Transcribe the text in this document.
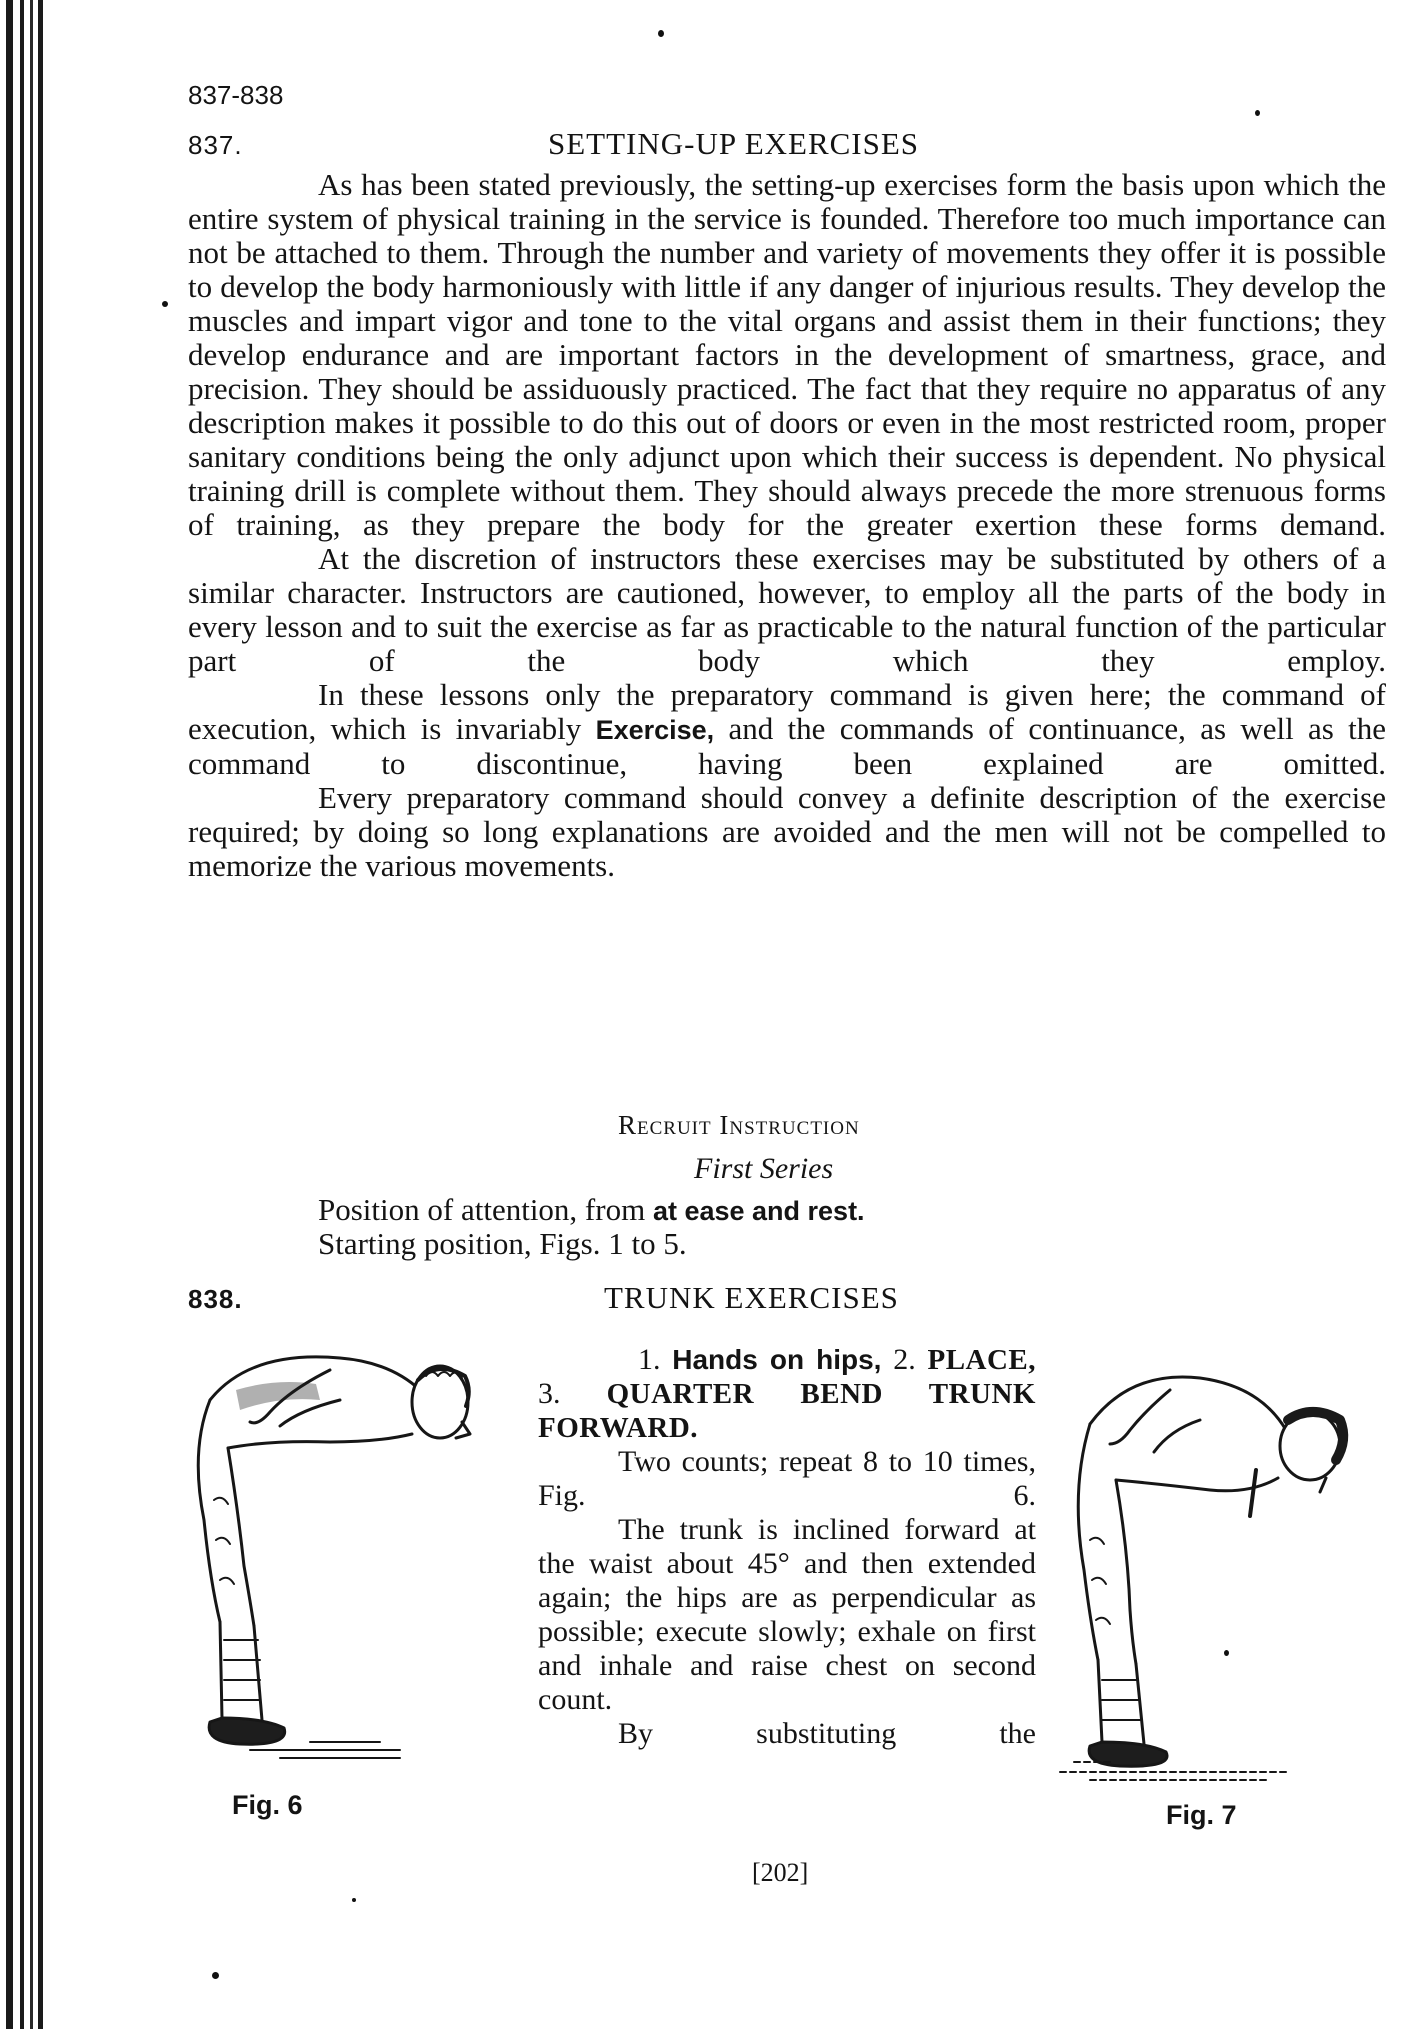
837-838
837.	SETTING-UP EXERCISES

As has been stated previously, the setting-up exercises form the basis upon which the entire system of physical training in the service is founded. Therefore too much importance can not be attached to them. Through the number and variety of movements they offer it is possible to develop the body harmoniously with little if any danger of injurious results. They develop the muscles and impart vigor and tone to the vital organs and assist them in their functions; they develop endurance and are important factors in the development of smartness, grace, and precision. They should be assiduously practiced. The fact that they require no apparatus of any description makes it possible to do this out of doors or even in the most restricted room, proper sanitary conditions being the only adjunct upon which their success is dependent. No physical training drill is complete without them. They should always precede the more strenuous forms of training, as they prepare the body for the greater exertion these forms demand.

At the discretion of instructors these exercises may be substituted by others of a similar character. Instructors are cautioned, however, to employ all the parts of the body in every lesson and to suit the exercise as far as practicable to the natural function of the particular part of the body which they employ.

In these lessons only the preparatory command is given here; the command of execution, which is invariably Exercise, and the commands of continuance, as well as the command to discontinue, having been explained are omitted.

Every preparatory command should convey a definite description of the exercise required; by doing so long explanations are avoided and the men will not be compelled to memorize the various movements.

Recruit Instruction
First Series
Position of attention, from at ease and rest.
Starting position, Figs. 1 to 5.
838.	TRUNK EXERCISES

1. Hands on hips, 2. PLACE, 3. QUARTER BEND TRUNK FORWARD.

Two counts; repeat 8 to 10 times, Fig. 6.

The trunk is inclined forward at the waist about 45° and then extended again; the hips are as perpendicular as possible; execute slowly; exhale on first and inhale and raise chest on second count.

By substituting the

Fig. 6	Fig. 7
[202]
